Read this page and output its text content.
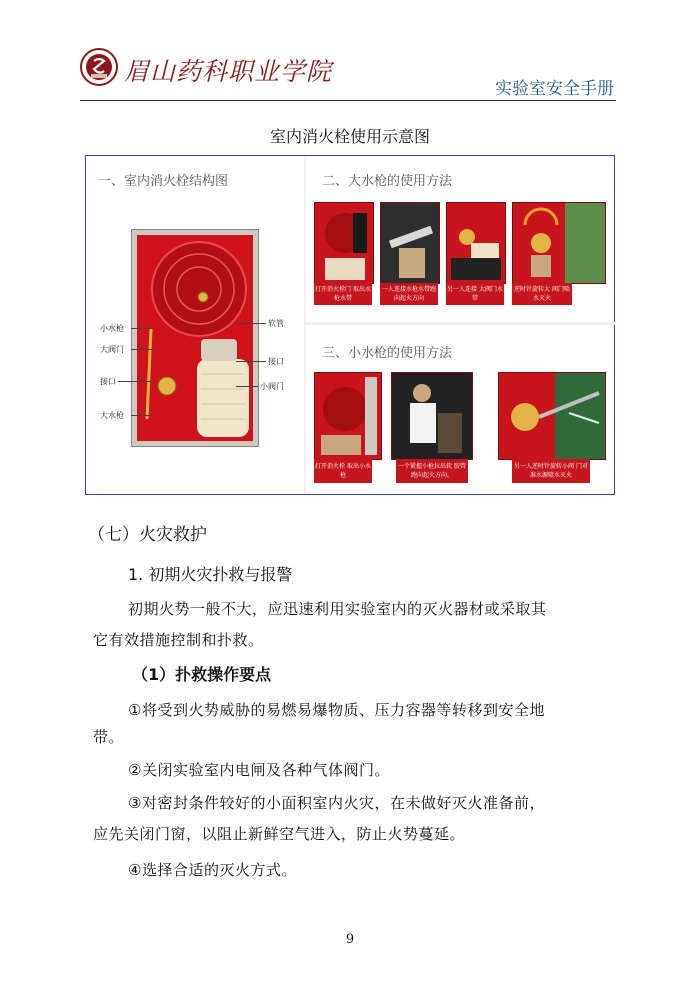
眉山药科职业学院
实验室安全手册
室内消火栓使用示意图
一、室内消火栓结构图
小水枪
大阀门
接口
大水枪
软管
接口
小阀门
二、大水枪的使用方法
打开消火栓门 取出水枪水带
一人连接水枪水带跑向起火方向
另一人连接 大阀门水带
逆时针旋转大 阀门喷水灭火
三、小水枪的使用方法
打开消火栓 取出小水枪
一个紧握小枪拉出软 胶管跑向起火方向。
另一人逆时针旋转小阀 门对准水源喷水灭火
（七）火灾救护
1. 初期火灾扑救与报警
初期火势一般不大，应迅速利用实验室内的灭火器材或采取其
它有效措施控制和扑救。
（1）扑救操作要点
①将受到火势威胁的易燃易爆物质、压力容器等转移到安全地
带。
②关闭实验室内电闸及各种气体阀门。
③对密封条件较好的小面积室内火灾，在未做好灭火准备前，
应先关闭门窗，以阻止新鲜空气进入，防止火势蔓延。
④选择合适的灭火方式。
9
